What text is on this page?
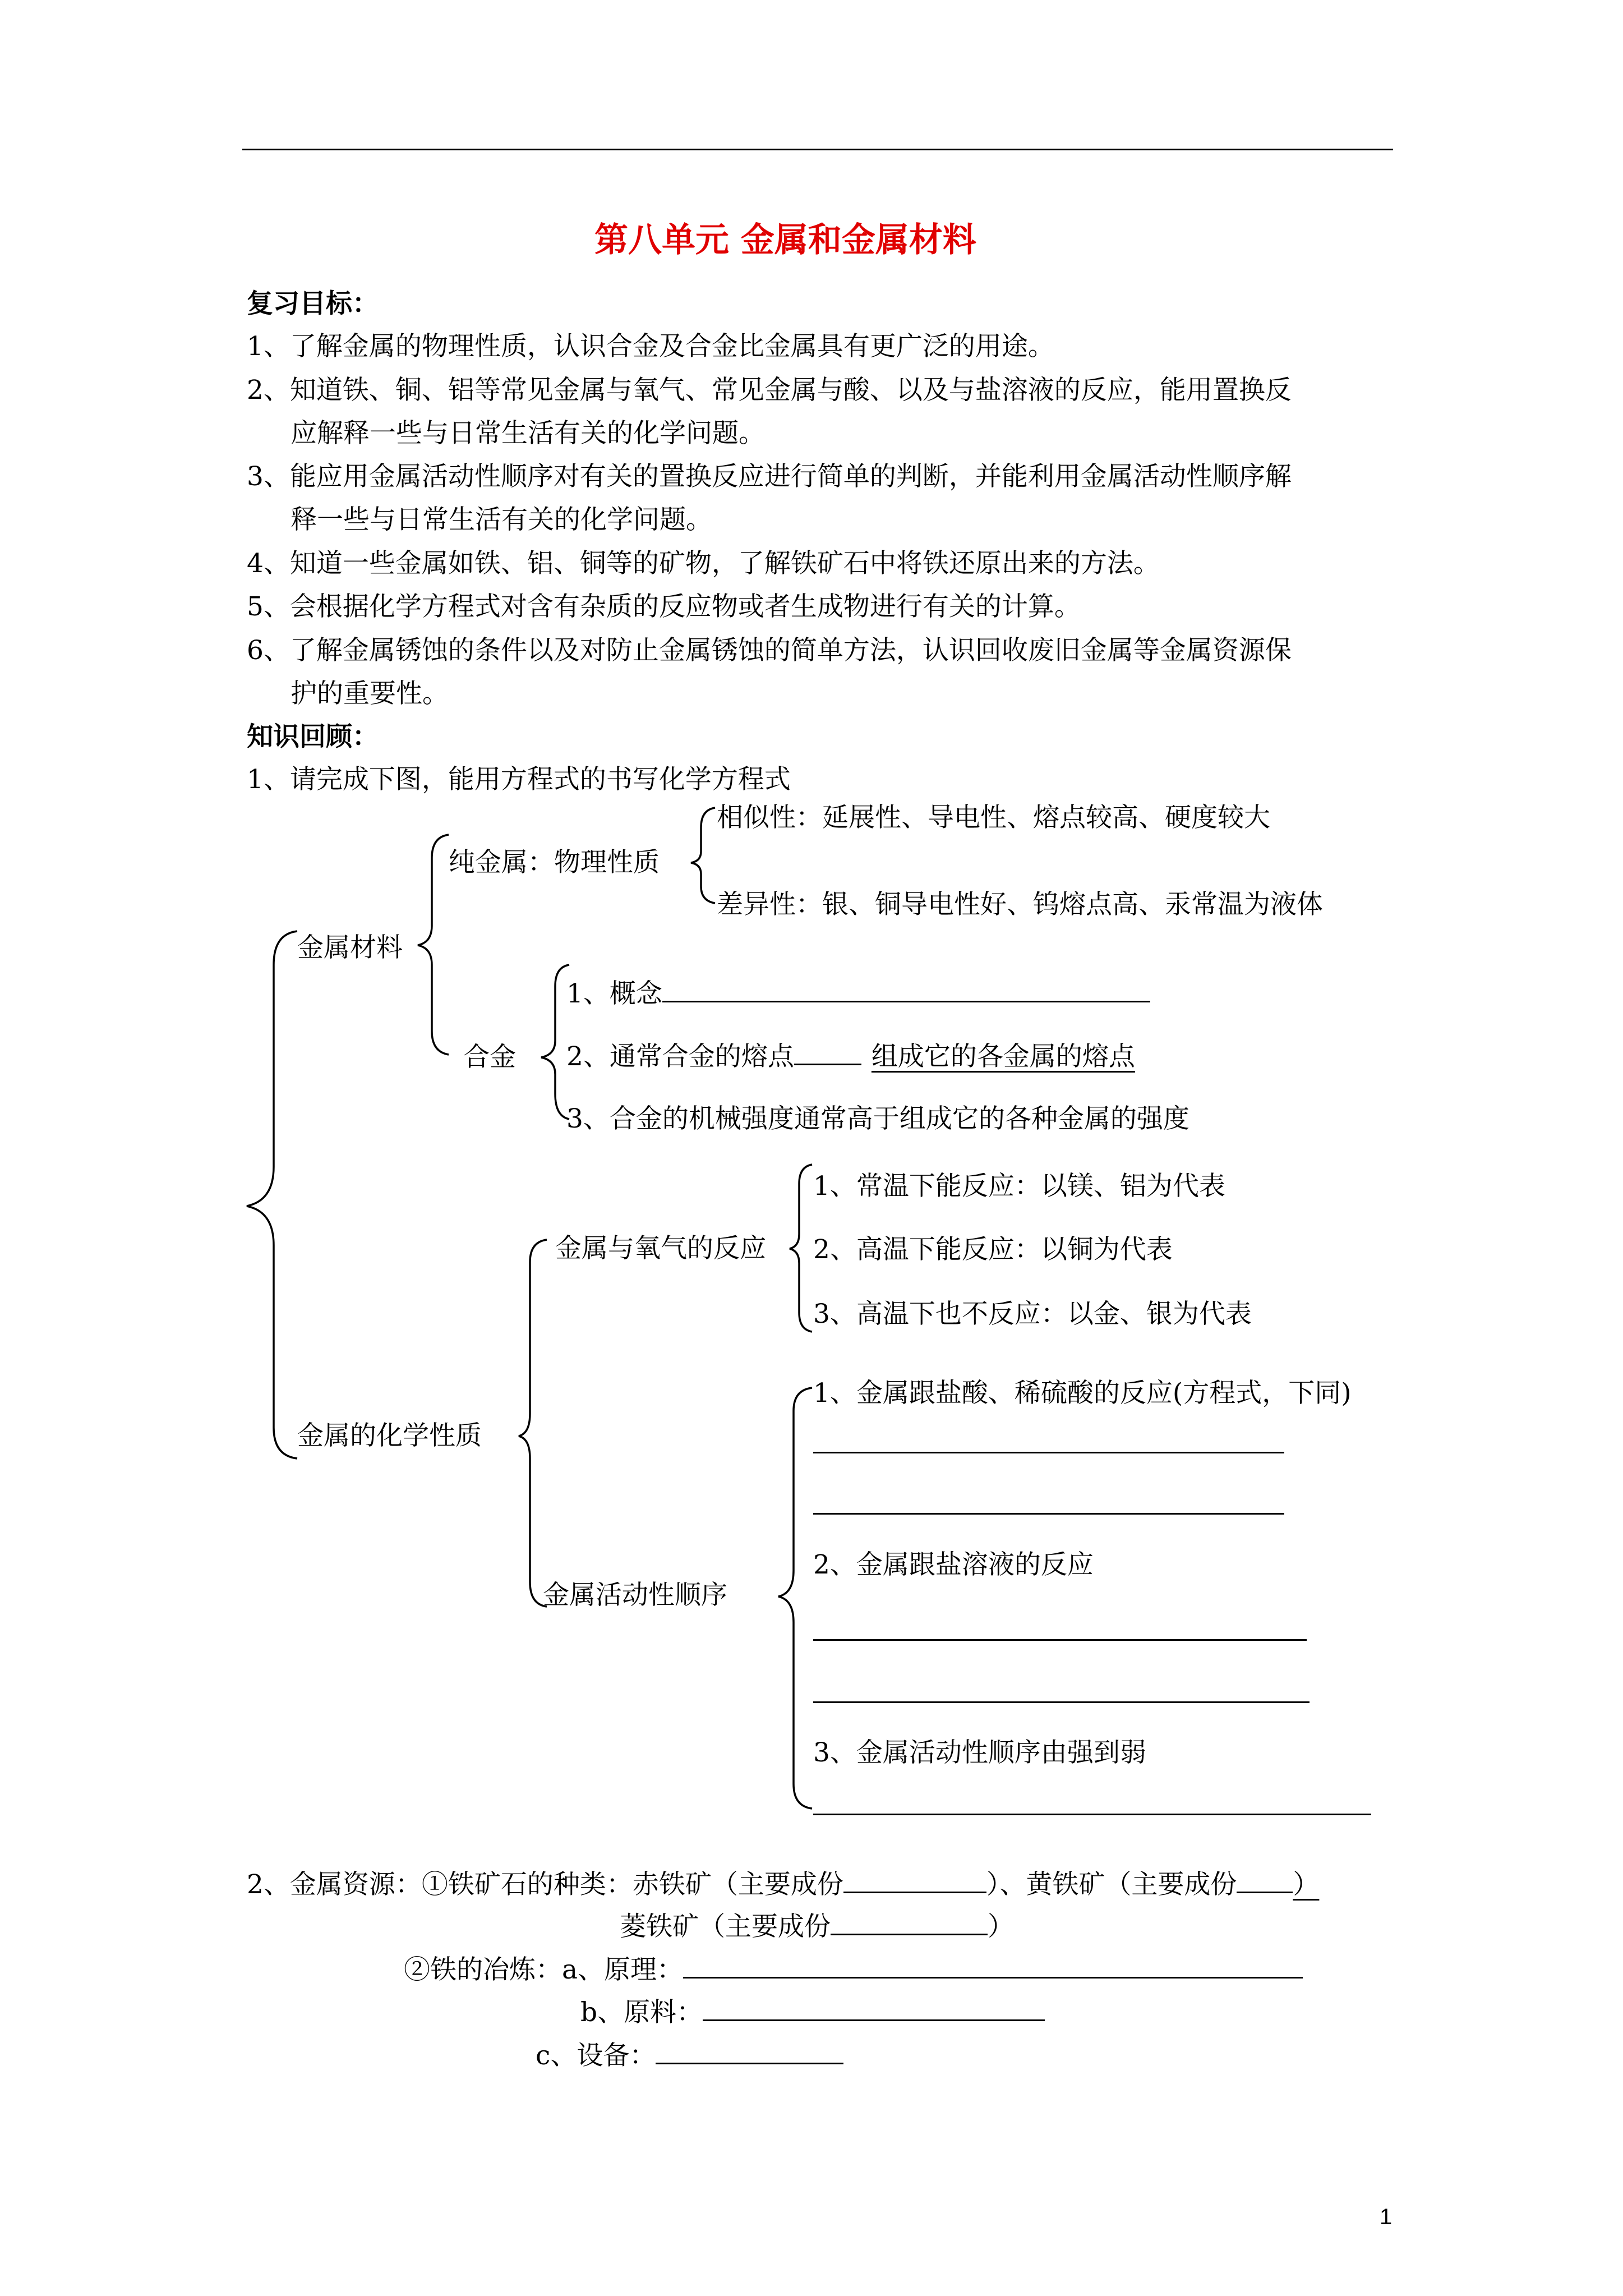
第八单元 金属和金属材料
复习目标：
1、了解金属的物理性质，认识合金及合金比金属具有更广泛的用途。
2、知道铁、铜、铝等常见金属与氧气、常见金属与酸、以及与盐溶液的反应，能用置换反
应解释一些与日常生活有关的化学问题。
3、能应用金属活动性顺序对有关的置换反应进行简单的判断，并能利用金属活动性顺序解
释一些与日常生活有关的化学问题。
4、知道一些金属如铁、铝、铜等的矿物，了解铁矿石中将铁还原出来的方法。
5、会根据化学方程式对含有杂质的反应物或者生成物进行有关的计算。
6、了解金属锈蚀的条件以及对防止金属锈蚀的简单方法，认识回收废旧金属等金属资源保
护的重要性。
知识回顾：
1、请完成下图，能用方程式的书写化学方程式
金属材料
纯金属：物理性质
相似性：延展性、导电性、熔点较高、硬度较大
差异性：银、铜导电性好、钨熔点高、汞常温为液体
合金
1、概念
2、通常合金的熔点	组成它的各金属的熔点
3、合金的机械强度通常高于组成它的各种金属的强度
金属的化学性质
金属与氧气的反应
1、常温下能反应：以镁、铝为代表
2、高温下能反应：以铜为代表
3、高温下也不反应：以金、银为代表
金属活动性顺序
1、金属跟盐酸、稀硫酸的反应(方程式，下同)
2、金属跟盐溶液的反应
3、金属活动性顺序由强到弱
2、金属资源：①铁矿石的种类：赤铁矿（主要成份	）、黄铁矿（主要成份 ）
菱铁矿（主要成份	）
②铁的冶炼：a、原理：
b、原料：
c、设备：
1
